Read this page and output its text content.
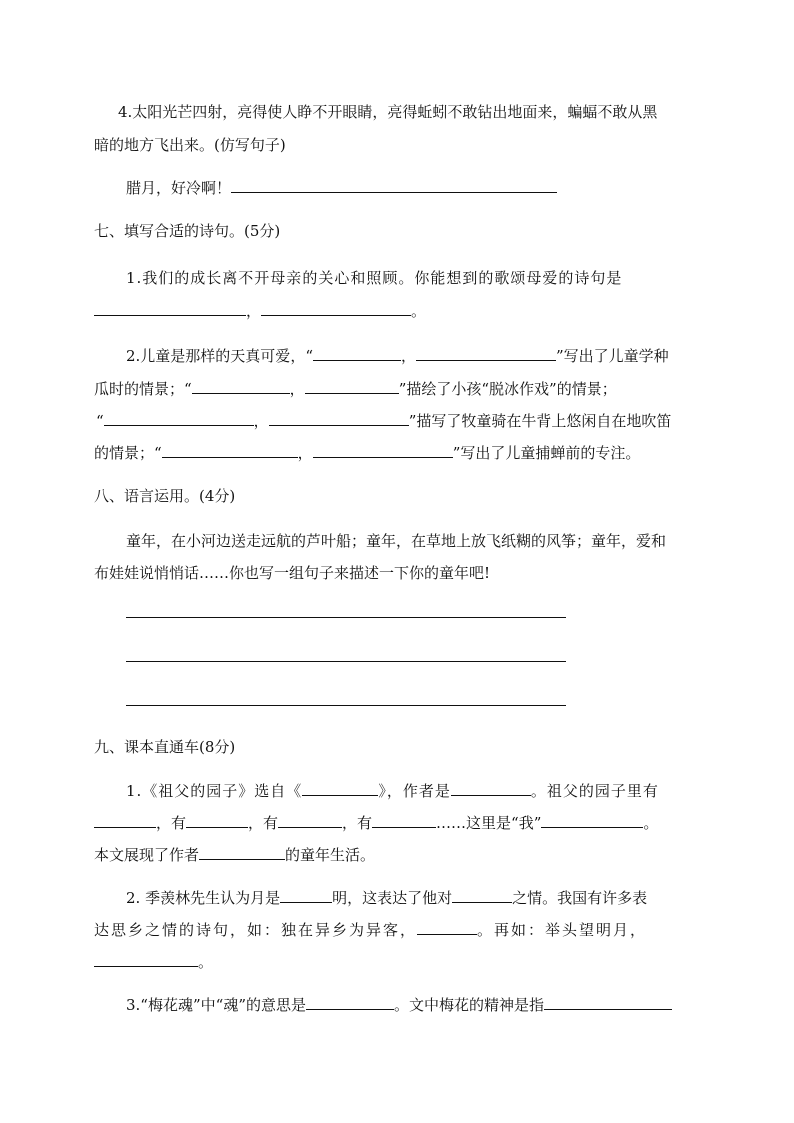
4.太阳光芒四射，亮得使人睁不开眼睛，亮得蚯蚓不敢钻出地面来，蝙蝠不敢从黑
暗的地方飞出来。(仿写句子)
腊月，好冷啊！
七、填写合适的诗句。(5分)
1.我们的成长离不开母亲的关心和照顾。你能想到的歌颂母爱的诗句是
，	。
2.儿童是那样的天真可爱，“	，	”写出了儿童学种
瓜时的情景；“	，	”描绘了小孩“脱冰作戏”的情景；
“	，	”描写了牧童骑在牛背上悠闲自在地吹笛
的情景；“	，	”写出了儿童捕蝉前的专注。
八、语言运用。(4分)
童年，在小河边送走远航的芦叶船；童年，在草地上放飞纸糊的风筝；童年，爱和
布娃娃说悄悄话……你也写一组句子来描述一下你的童年吧!
九、课本直通车(8分)
1.《祖父的园子》选自《	》，作者是	。祖父的园子里有
，有	，有	，有	……这里是“我”	。
本文展现了作者	的童年生活。
2. 季羡林先生认为月是	明，这表达了他对	之情。我国有许多表
达思乡之情的诗句，如：独在异乡为异客，	。再如：举头望明月，
。
3.“梅花魂”中“魂”的意思是	。文中梅花的精神是指
